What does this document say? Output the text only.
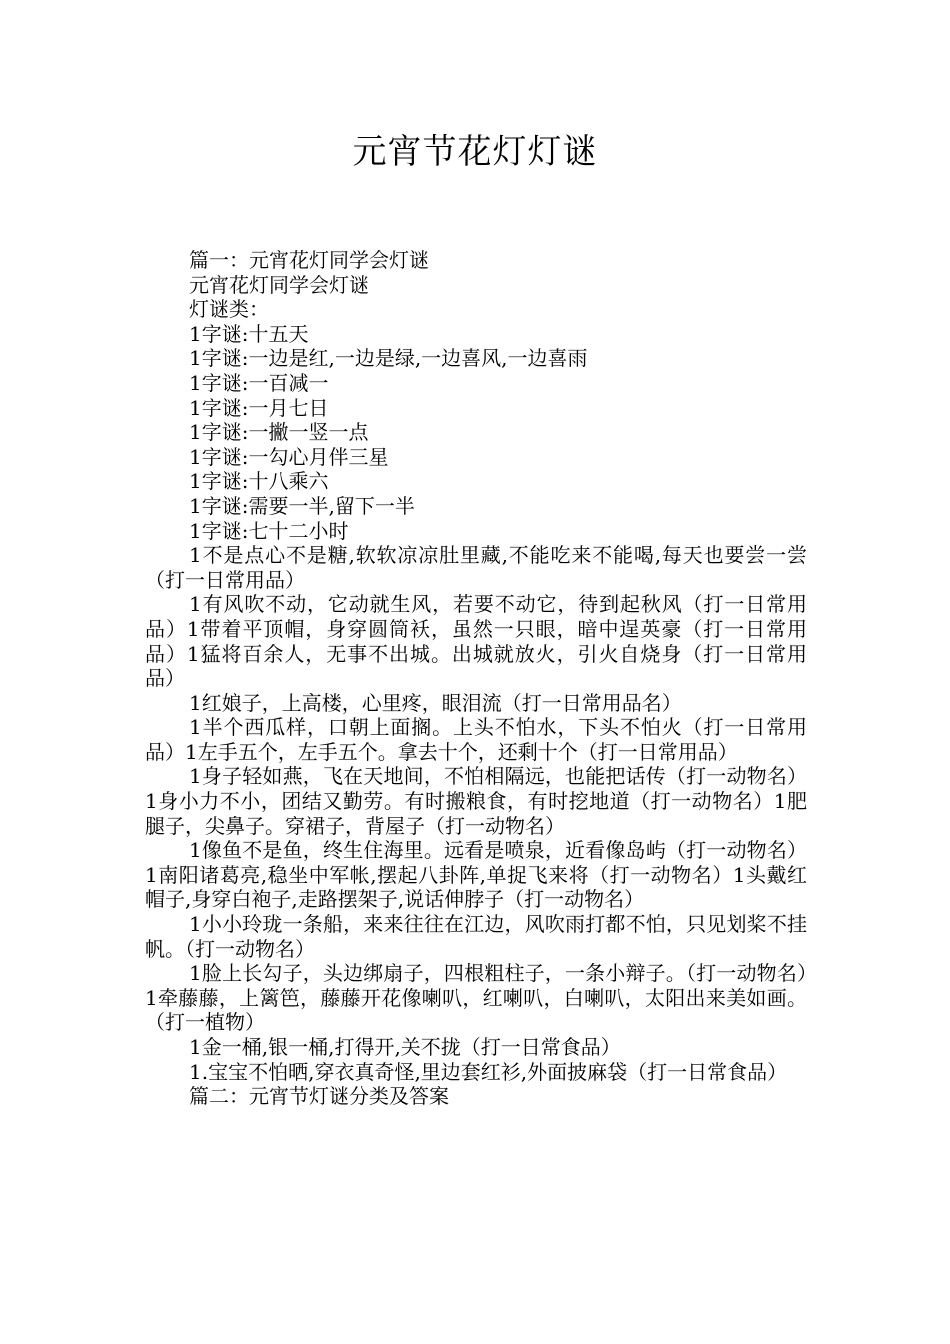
元宵节花灯灯谜

篇一：元宵花灯同学会灯谜

元宵花灯同学会灯谜

灯谜类：

1字谜:十五天

1字谜:一边是红,一边是绿,一边喜风,一边喜雨

1字谜:一百减一

1字谜:一月七日

1字谜:一撇一竖一点

1字谜:一勾心月伴三星

1字谜:十八乘六

1字谜:需要一半,留下一半

1字谜:七十二小时

1不是点心不是糖,软软凉凉肚里藏,不能吃来不能喝,每天也要尝一尝（打一日常用品）

1有风吹不动，它动就生风，若要不动它，待到起秋风（打一日常用品）1带着平顶帽，身穿圆筒袄，虽然一只眼，暗中逞英豪（打一日常用品）1猛将百余人，无事不出城。出城就放火，引火自烧身（打一日常用品）

1红娘子，上高楼，心里疼，眼泪流（打一日常用品名）

1半个西瓜样，口朝上面搁。上头不怕水，下头不怕火（打一日常用品）1左手五个，左手五个。拿去十个，还剩十个（打一日常用品）

1身子轻如燕，飞在天地间，不怕相隔远，也能把话传（打一动物名）1身小力不小，团结又勤劳。有时搬粮食，有时挖地道（打一动物名）1肥腿子，尖鼻子。穿裙子，背屋子（打一动物名）

1像鱼不是鱼，终生住海里。远看是喷泉，近看像岛屿（打一动物名）1南阳诸葛亮,稳坐中军帐,摆起八卦阵,单捉飞来将（打一动物名）1头戴红帽子,身穿白袍子,走路摆架子,说话伸脖子（打一动物名）

1小小玲珑一条船，来来往往在江边，风吹雨打都不怕，只见划桨不挂帆。（打一动物名）

1脸上长勾子，头边绑扇子，四根粗柱子，一条小辩子。（打一动物名）1牵藤藤，上篱笆，藤藤开花像喇叭，红喇叭，白喇叭，太阳出来美如画。（打一植物）

1金一桶,银一桶,打得开,关不拢（打一日常食品）

1.宝宝不怕晒,穿衣真奇怪,里边套红衫,外面披麻袋（打一日常食品）

篇二：元宵节灯谜分类及答案
